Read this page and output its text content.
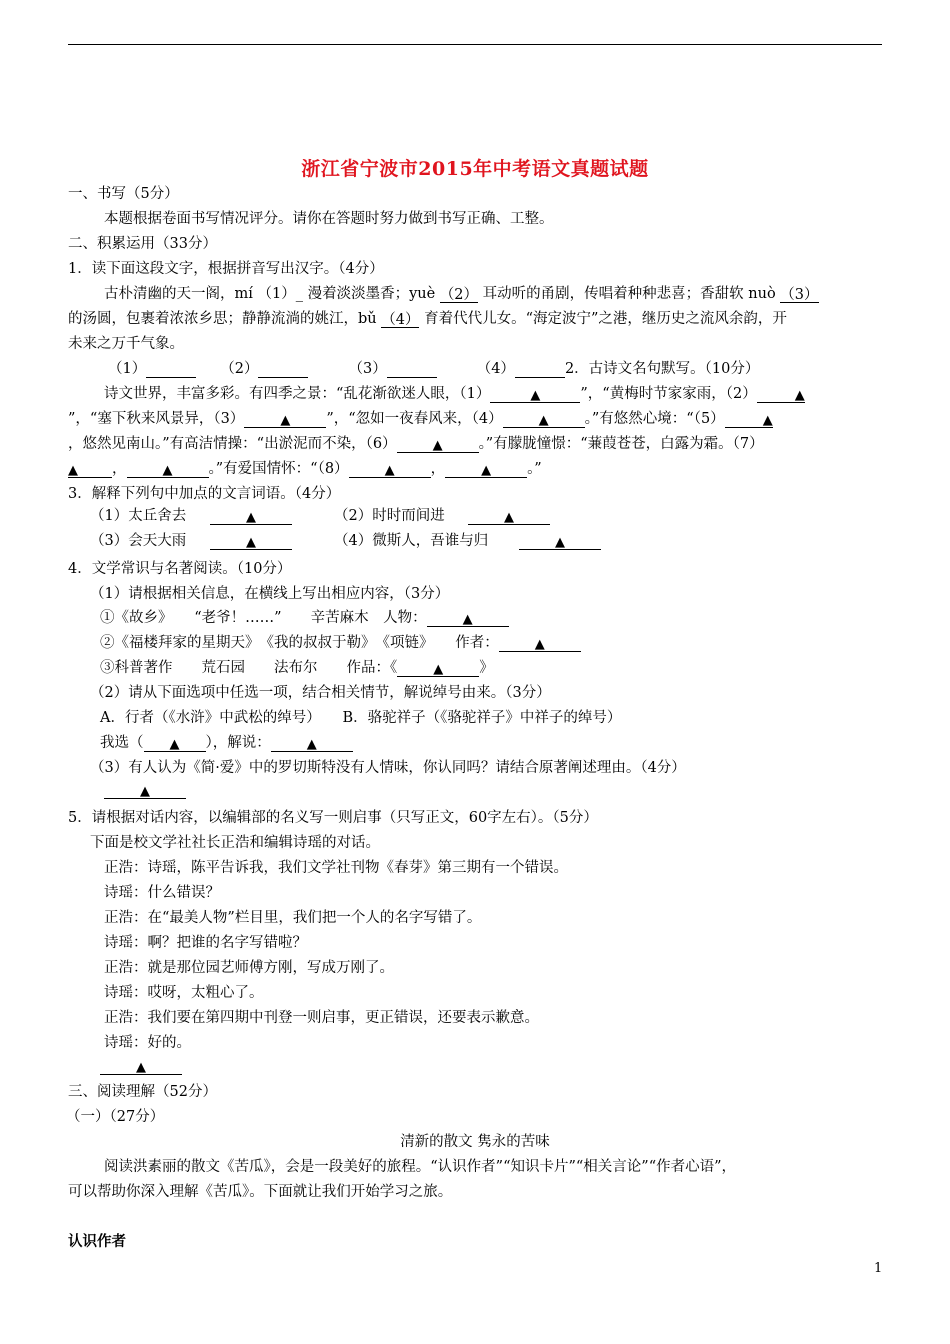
浙江省宁波市2015年中考语文真题试题
一、书写（5分）
本题根据卷面书写情况评分。请你在答题时努力做到书写正确、工整。
二、积累运用（33分）
1．读下面这段文字，根据拼音写出汉字。（4分）
古朴清幽的天一阁，mí （1）_ 漫着淡淡墨香；yuè （2） 耳动听的甬剧，传唱着种种悲喜；香甜软 nuò （3）
的汤圆，包裹着浓浓乡思；静静流淌的姚江，bǔ （4） 育着代代儿女。“海定波宁”之港，继历史之流风余韵，开
未来之万千气象。
（1）	（2）	（3）	（4）	2．古诗文名句默写。（10分）
诗文世界，丰富多彩。有四季之景：“乱花渐欲迷人眼，（1）	▲	”，“黄梅时节家家雨，（2）	▲
”，“塞下秋来风景异，（3）	▲ ”，“忽如一夜春风来，（4）	▲ 。”有悠然心境：“（5）	▲
，悠然见南山。”有高洁情操：“出淤泥而不染，（6）	▲ 。”有朦胧憧憬：“蒹葭苍苍，白露为霜。（7）
▲ ，	▲ 。”有爱国情怀：“（8）	▲ ，	▲ 。”
3．解释下列句中加点的文言词语。（4分）
（1）太丘舍去	▲	（2）时时而间进	▲
（3）会天大雨	▲	（4）微斯人，吾谁与归	▲
4．文学常识与名著阅读。（10分）
（1）请根据相关信息，在横线上写出相应内容，（3分）
①《故乡》　　“老爷！……”　　辛苦麻木　人物：	▲
②《福楼拜家的星期天》　《我的叔叔于勒》　《项链》　　作者：	▲
③科普著作　　荒石园　　法布尔　　作品：《	▲ 》
（2）请从下面选项中任选一项，结合相关情节，解说绰号由来。（3分）
A．行者（《水浒》中武松的绰号）　　B．骆驼祥子（《骆驼祥子》中祥子的绰号）
我选（ ▲ ），解说：	▲
（3）有人认为《简·爱》中的罗切斯特没有人情味，你认同吗？请结合原著阐述理由。（4分）
▲
5．请根据对话内容，以编辑部的名义写一则启事（只写正文，60字左右）。（5分）
下面是校文学社社长正浩和编辑诗瑶的对话。
正浩：诗瑶，陈平告诉我，我们文学社刊物《春芽》第三期有一个错误。
诗瑶：什么错误？
正浩：在“最美人物”栏目里，我们把一个人的名字写错了。
诗瑶：啊？把谁的名字写错啦？
正浩：就是那位园艺师傅方刚，写成万刚了。
诗瑶：哎呀，太粗心了。
正浩：我们要在第四期中刊登一则启事，更正错误，还要表示歉意。
诗瑶：好的。
▲
三、阅读理解（52分）
（一）（27分）
清新的散文 隽永的苦味
阅读洪素丽的散文《苦瓜》，会是一段美好的旅程。“认识作者”“知识卡片”“相关言论”“作者心语”，
可以帮助你深入理解《苦瓜》。下面就让我们开始学习之旅。
认识作者
1
